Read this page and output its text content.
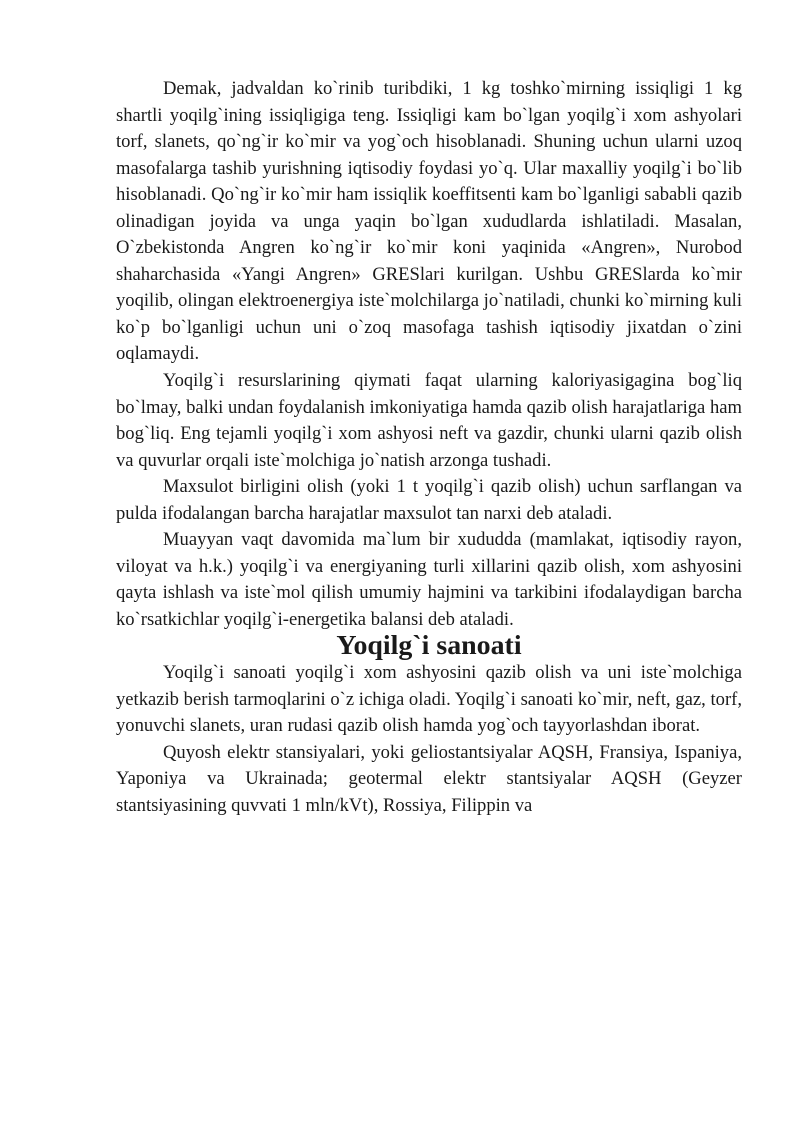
Demak, jadvaldan ko`rinib turibdiki, 1 kg toshko`mirning issiqligi 1 kg shartli yoqilg`ining issiqligiga teng. Issiqligi kam bo`lgan yoqilg`i xom ashyolari torf, slanets, qo`ng`ir ko`mir va yog`och hisoblanadi. Shuning uchun ularni uzoq masofalarga tashib yurishning iqtisodiy foydasi yo`q. Ular maxalliy yoqilg`i bo`lib hisoblanadi. Qo`ng`ir ko`mir ham issiqlik koeffitsenti kam bo`lganligi sababli qazib olinadigan joyida va unga yaqin bo`lgan xududlarda ishlatiladi. Masalan, O`zbekistonda Angren ko`ng`ir ko`mir koni yaqinida «Angren», Nurobod shaharchasida «Yangi Angren» GRESlari kurilgan. Ushbu GRESlarda ko`mir yoqilib, olingan elektroenergiya iste`molchilarga jo`natiladi, chunki ko`mirning kuli ko`p bo`lganligi uchun uni o`zoq masofaga tashish iqtisodiy jixatdan o`zini oqlamaydi.

Yoqilg`i resurslarining qiymati faqat ularning kaloriyasigagina bog`liq bo`lmay, balki undan foydalanish imkoniyatiga hamda qazib olish harajatlariga ham bog`liq. Eng tejamli yoqilg`i xom ashyosi neft va gazdir, chunki ularni qazib olish va quvurlar orqali iste`molchiga jo`natish arzonga tushadi.

Maxsulot birligini olish (yoki 1 t yoqilg`i qazib olish) uchun sarflangan va pulda ifodalangan barcha harajatlar maxsulot tan narxi deb ataladi.

Muayyan vaqt davomida ma`lum bir xududda (mamlakat, iqtisodiy rayon, viloyat va h.k.) yoqilg`i va energiyaning turli xillarini qazib olish, xom ashyosini qayta ishlash va iste`mol qilish umumiy hajmini va tarkibini ifodalaydigan barcha ko`rsatkichlar yoqilg`i-energetika balansi deb ataladi.

Yoqilg`i sanoati

Yoqilg`i sanoati yoqilg`i xom ashyosini qazib olish va uni iste`molchiga yetkazib berish tarmoqlarini o`z ichiga oladi. Yoqilg`i sanoati ko`mir, neft, gaz, torf, yonuvchi slanets, uran rudasi qazib olish hamda yog`och tayyorlashdan iborat.

Quyosh elektr stansiyalari, yoki geliostantsiyalar AQSH, Fransiya, Ispaniya, Yaponiya va Ukrainada; geotermal elektr stantsiyalar AQSH (Geyzer stantsiyasining quvvati 1 mln/kVt), Rossiya, Filippin va
